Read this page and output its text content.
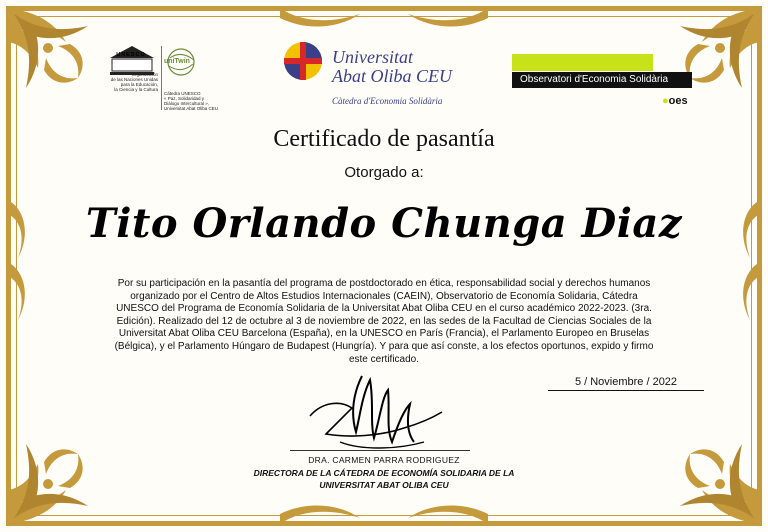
UNESCO
Organización
de las Naciones Unidas
para la Educación,
la Ciencia y la Cultura
uniTwin
Cátedra UNESCO
« Paz, Solidaridad y
Diálogo Intercultural »,
Universitat Abat Oliba CEU
Universitat
Abat Oliba CEU
Càtedra d'Economia Solidària
Observatori d'Economia Solidària
●oes
Certificado de pasantía
Otorgado a:
Tito Orlando Chunga Diaz
Por su participación en la pasantía del programa de postdoctorado en ética, responsabilidad social y derechos humanos organizado por el Centro de Altos Estudios Internacionales (CAEIN), Observatorio de Economía Solidaria, Cátedra UNESCO del Programa de Economía Solidaria de la Universitat Abat Oliba CEU en el curso académico 2022-2023. (3ra. Edición). Realizado del 12 de octubre al 3 de noviembre de 2022, en las sedes de la Facultad de Ciencias Sociales de la Universitat Abat Oliba CEU Barcelona (España), en la UNESCO en París (Francia), el Parlamento Europeo en Bruselas (Bélgica), y el Parlamento Húngaro de Budapest (Hungría). Y para que así conste, a los efectos oportunos, expido y firmo este certificado.
5 / Noviembre / 2022
DRA. CARMEN PARRA RODRIGUEZ
DIRECTORA DE LA CÁTEDRA DE ECONOMÍA SOLIDARIA DE LA
UNIVERSITAT ABAT OLIBA CEU
